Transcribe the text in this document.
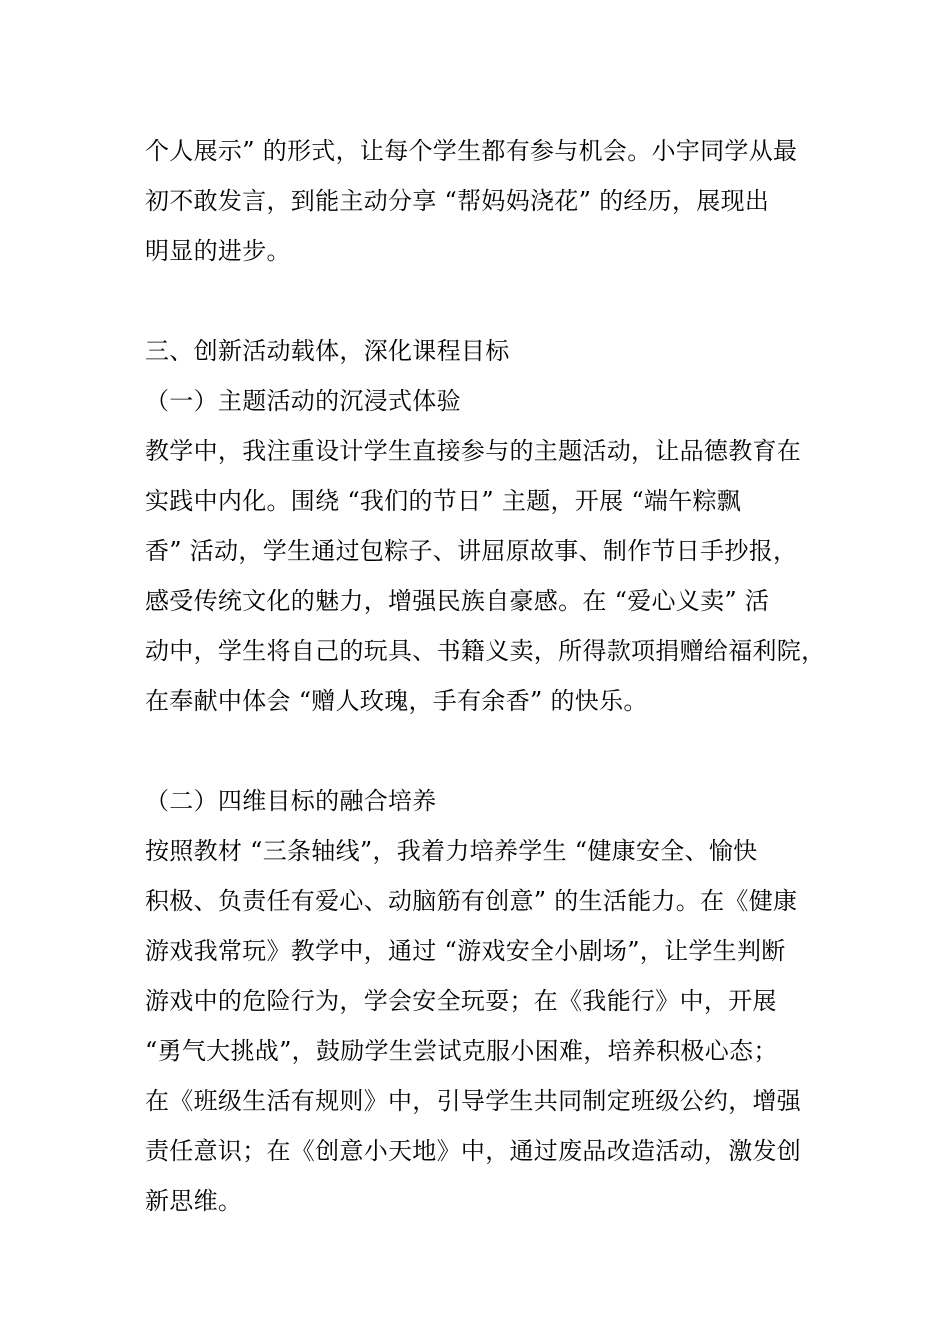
个人展示” 的形式，让每个学生都有参与机会。小宇同学从最
初不敢发言，到能主动分享 “帮妈妈浇花” 的经历，展现出
明显的进步。
三、创新活动载体，深化课程目标
（一）主题活动的沉浸式体验
教学中，我注重设计学生直接参与的主题活动，让品德教育在
实践中内化。围绕 “我们的节日” 主题，开展 “端午粽飘
香” 活动，学生通过包粽子、讲屈原故事、制作节日手抄报，
感受传统文化的魅力，增强民族自豪感。在 “爱心义卖” 活
动中，学生将自己的玩具、书籍义卖，所得款项捐赠给福利院，
在奉献中体会 “赠人玫瑰，手有余香” 的快乐。
（二）四维目标的融合培养
按照教材 “三条轴线”，我着力培养学生 “健康安全、愉快
积极、负责任有爱心、动脑筋有创意” 的生活能力。在《健康
游戏我常玩》教学中，通过 “游戏安全小剧场”，让学生判断
游戏中的危险行为，学会安全玩耍；在《我能行》中，开展
“勇气大挑战”，鼓励学生尝试克服小困难，培养积极心态；
在《班级生活有规则》中，引导学生共同制定班级公约，增强
责任意识；在《创意小天地》中，通过废品改造活动，激发创
新思维。
